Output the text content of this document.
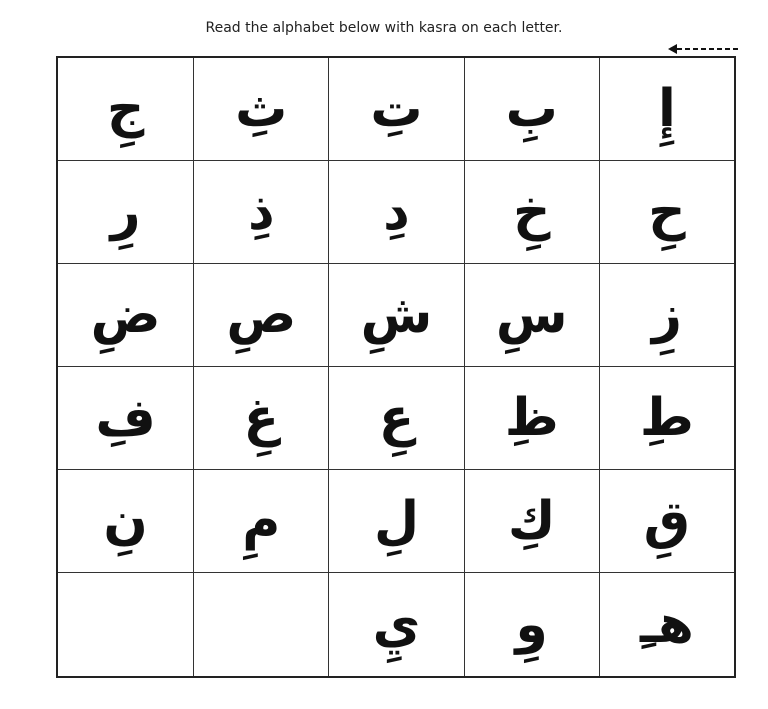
Read the alphabet below with kasra on each letter.
إِ
بِ
تِ
ثِ
جِ
حِ
خِ
دِ
ذِ
رِ
زِ
سِ
شِ
صِ
ضِ
طِ
ظِ
عِ
غِ
فِ
قِ
كِ
لِ
مِ
نِ
هـِ
وِ
يِ
